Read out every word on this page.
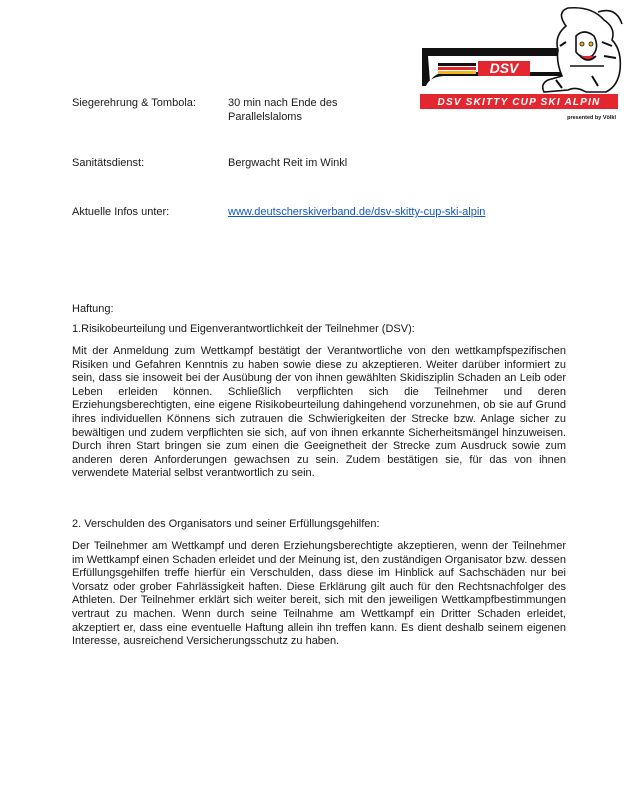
DSV
DSV SKITTY CUP SKI ALPIN
presented by Völkl
Siegerehrung & Tombola:	30 min nach Ende des
Parallelslaloms
Sanitätsdienst:	Bergwacht Reit im Winkl
Aktuelle Infos unter:	www.deutscherskiverband.de/dsv-skitty-cup-ski-alpin
Haftung:
1.Risikobeurteilung und Eigenverantwortlichkeit der Teilnehmer (DSV):
Mit der Anmeldung zum Wettkampf bestätigt der Verantwortliche von den wettkampfspezifischen Risiken und Gefahren Kenntnis zu haben sowie diese zu akzeptieren. Weiter darüber informiert zu sein, dass sie insoweit bei der Ausübung der von ihnen gewählten Skidisziplin Schaden an Leib oder Leben erleiden können. Schließlich verpflichten sich die Teilnehmer und deren Erziehungsberechtigten, eine eigene Risikobeurteilung dahingehend vorzunehmen, ob sie auf Grund ihres individuellen Könnens sich zutrauen die Schwierigkeiten der Strecke bzw. Anlage sicher zu bewältigen und zudem verpflichten sie sich, auf von ihnen erkannte Sicherheitsmängel hinzuweisen. Durch ihren Start bringen sie zum einen die Geeignetheit der Strecke zum Ausdruck sowie zum anderen deren Anforderungen gewachsen zu sein. Zudem bestätigen sie, für das von ihnen verwendete Material selbst verantwortlich zu sein.
2. Verschulden des Organisators und seiner Erfüllungsgehilfen:
Der Teilnehmer am Wettkampf und deren Erziehungsberechtigte akzeptieren, wenn der Teilnehmer im Wettkampf einen Schaden erleidet und der Meinung ist, den zuständigen Organisator bzw. dessen Erfüllungsgehilfen treffe hierfür ein Verschulden, dass diese im Hinblick auf Sachschäden nur bei Vorsatz oder grober Fahrlässigkeit haften. Diese Erklärung gilt auch für den Rechtsnachfolger des Athleten. Der Teilnehmer erklärt sich weiter bereit, sich mit den jeweiligen Wettkampfbestimmungen vertraut zu machen. Wenn durch seine Teilnahme am Wettkampf ein Dritter Schaden erleidet, akzeptiert er, dass eine eventuelle Haftung allein ihn treffen kann. Es dient deshalb seinem eigenen Interesse, ausreichend Versicherungsschutz zu haben.
